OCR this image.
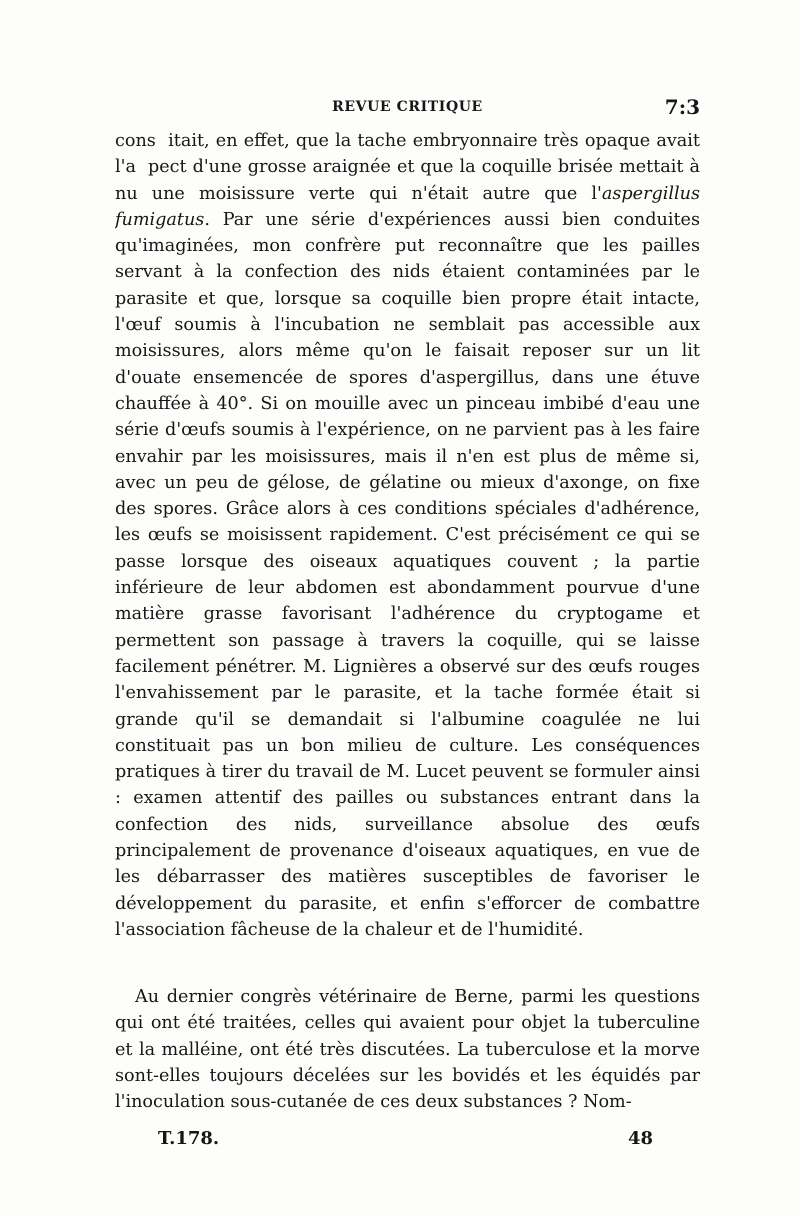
REVUE CRITIQUE	7:3

cons  itait, en effet, que la tache embryonnaire très opaque avait l'a  pect d'une grosse araignée et que la coquille brisée mettait à nu une moisissure verte qui n'était autre que l'aspergillus fumigatus. Par une série d'expériences aussi bien conduites qu'imaginées, mon confrère put reconnaître que les pailles servant à la confection des nids étaient contaminées par le parasite et que, lorsque sa coquille bien propre était intacte, l'œuf soumis à l'incubation ne semblait pas accessible aux moisissures, alors même qu'on le faisait reposer sur un lit d'ouate ensemencée de spores d'aspergillus, dans une étuve chauffée à 40°. Si on mouille avec un pinceau imbibé d'eau une série d'œufs soumis à l'expérience, on ne parvient pas à les faire envahir par les moisissures, mais il n'en est plus de même si, avec un peu de gélose, de gélatine ou mieux d'axonge, on fixe des spores. Grâce alors à ces conditions spéciales d'adhérence, les œufs se moisissent rapidement. C'est précisément ce qui se passe lorsque des oiseaux aquatiques couvent ; la partie inférieure de leur abdomen est abondamment pourvue d'une matière grasse favorisant l'adhérence du cryptogame et permettent son passage à travers la coquille, qui se laisse facilement pénétrer. M. Lignières a observé sur des œufs rouges l'envahissement par le parasite, et la tache formée était si grande qu'il se demandait si l'albumine coagulée ne lui constituait pas un bon milieu de culture. Les conséquences pratiques à tirer du travail de M. Lucet peuvent se formuler ainsi : examen attentif des pailles ou substances entrant dans la confection des nids, surveillance absolue des œufs principalement de provenance d'oiseaux aquatiques, en vue de les débarrasser des matières susceptibles de favoriser le développement du parasite, et enfin s'efforcer de combattre l'association fâcheuse de la chaleur et de l'humidité.

Au dernier congrès vétérinaire de Berne, parmi les questions qui ont été traitées, celles qui avaient pour objet la tuberculine et la malléine, ont été très discutées. La tuberculose et la morve sont-elles toujours décelées sur les bovidés et les équidés par l'inoculation sous-cutanée de ces deux substances ? Nom-

T.178.	48
